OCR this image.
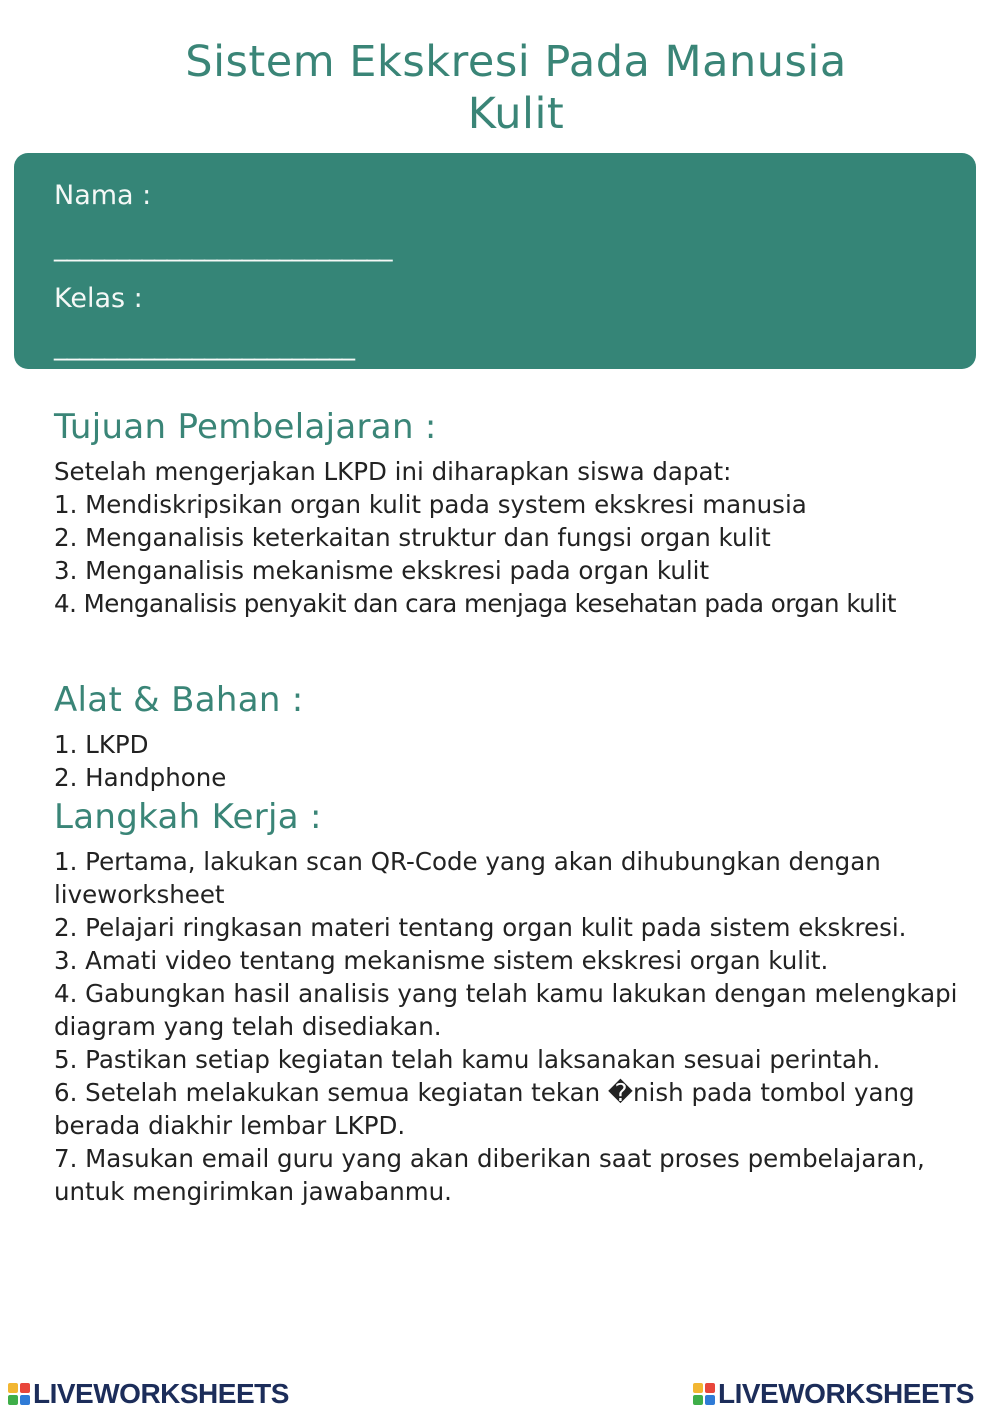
Sistem Ekskresi Pada Manusia
Kulit
Nama :
___________________________
Kelas :
________________________
Tujuan Pembelajaran :
Setelah mengerjakan LKPD ini diharapkan siswa dapat:
1. Mendiskripsikan organ kulit pada system ekskresi manusia
2. Menganalisis keterkaitan struktur dan fungsi organ kulit
3. Menganalisis mekanisme ekskresi pada organ kulit
4. Menganalisis penyakit dan cara menjaga kesehatan pada organ kulit
Alat & Bahan :
1. LKPD
2. Handphone
Langkah Kerja :
1. Pertama, lakukan scan QR-Code yang akan dihubungkan dengan liveworksheet
2. Pelajari ringkasan materi tentang organ kulit pada sistem ekskresi.
3. Amati video tentang mekanisme sistem ekskresi organ kulit.
4. Gabungkan hasil analisis yang telah kamu lakukan dengan melengkapi diagram yang telah disediakan.
5. Pastikan setiap kegiatan telah kamu laksanakan sesuai perintah.
6. Setelah melakukan semua kegiatan tekan �nish pada tombol yang berada diakhir lembar LKPD.
7. Masukan email guru yang akan diberikan saat proses pembelajaran, untuk mengirimkan jawabanmu.
LIVEWORKSHEETS	LIVEWORKSHEETS
